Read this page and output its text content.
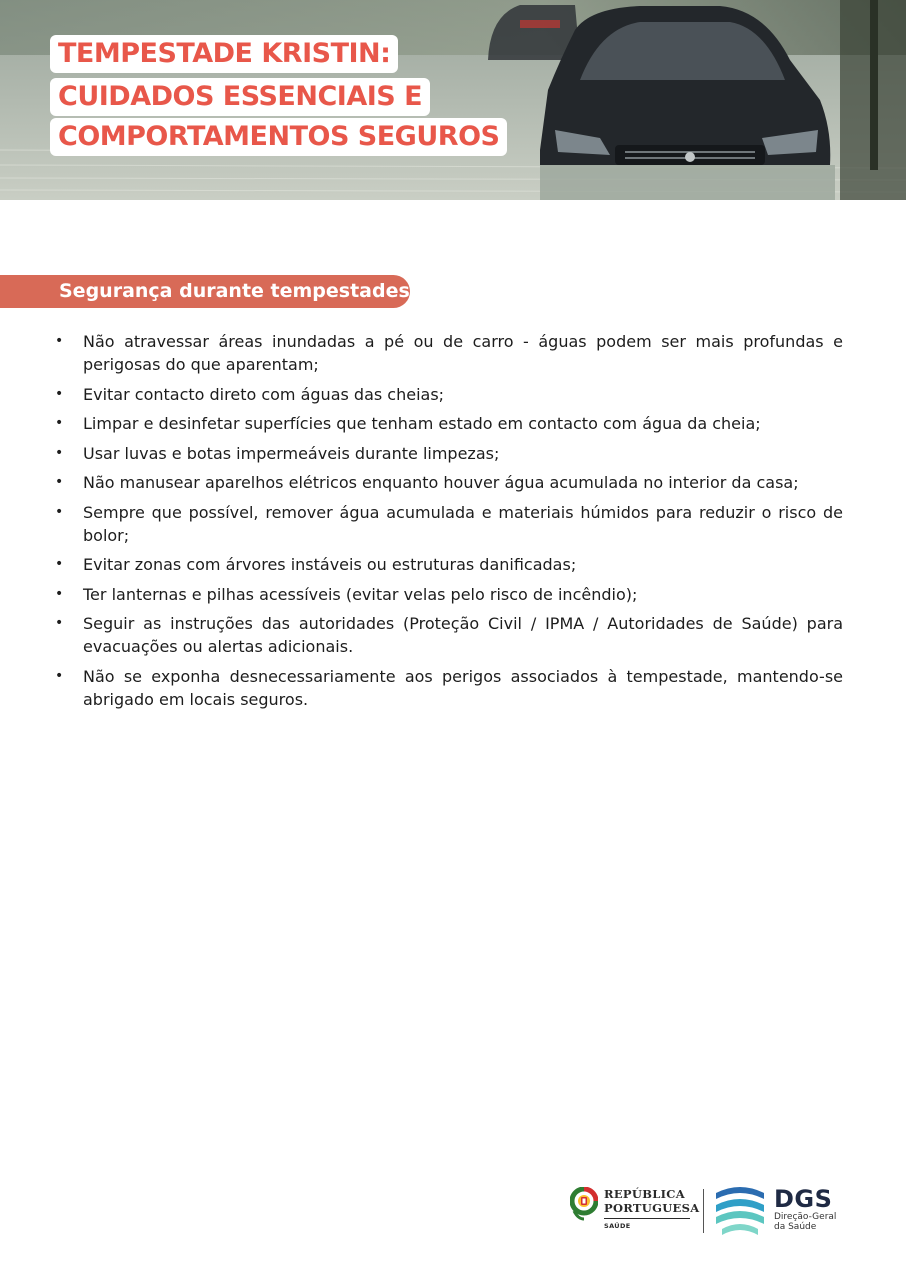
TEMPESTADE KRISTIN:
CUIDADOS ESSENCIAIS E
COMPORTAMENTOS SEGUROS
Segurança durante tempestades:
• Não atravessar áreas inundadas a pé ou de carro - águas podem ser mais profundas e perigosas do que aparentam;
• Evitar contacto direto com águas das cheias;
• Limpar e desinfetar superfícies que tenham estado em contacto com água da cheia;
• Usar luvas e botas impermeáveis durante limpezas;
• Não manusear aparelhos elétricos enquanto houver água acumulada no interior da casa;
• Sempre que possível, remover água acumulada e materiais húmidos para reduzir o risco de bolor;
• Evitar zonas com árvores instáveis ou estruturas danificadas;
• Ter lanternas e pilhas acessíveis (evitar velas pelo risco de incêndio);
• Seguir as instruções das autoridades (Proteção Civil / IPMA / Autoridades de Saúde) para evacuações ou alertas adicionais.
• Não se exponha desnecessariamente aos perigos associados à tempestade, mantendo-se abrigado em locais seguros.
REPÚBLICA
PORTUGUESA
SAÚDE
DGS
Direção-Geral
da Saúde
